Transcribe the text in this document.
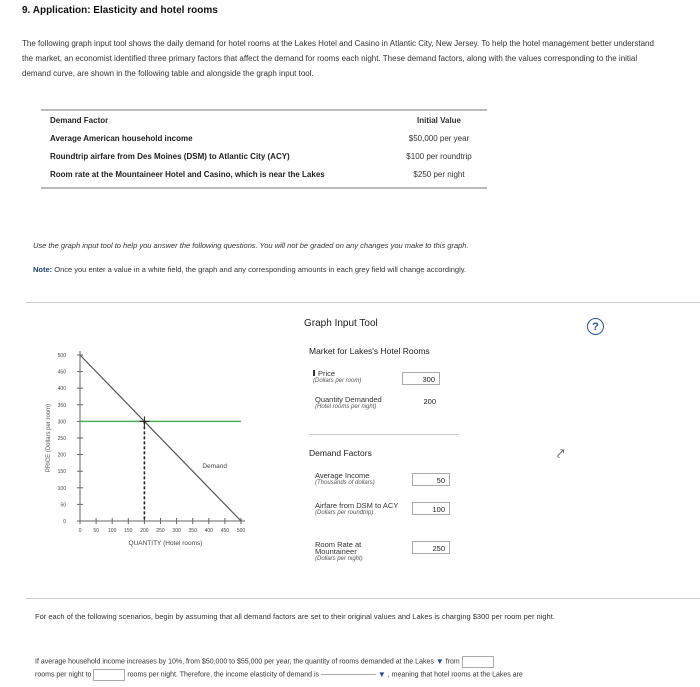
9. Application: Elasticity and hotel rooms
The following graph input tool shows the daily demand for hotel rooms at the Lakes Hotel and Casino in Atlantic City, New Jersey. To help the hotel management better understand the market, an economist identified three primary factors that affect the demand for rooms each night. These demand factors, along with the values corresponding to the initial demand curve, are shown in the following table and alongside the graph input tool.
Demand Factor	Initial Value
Average American household income	$50,000 per year
Roundtrip airfare from Des Moines (DSM) to Atlantic City (ACY)	$100 per roundtrip
Room rate at the Mountaineer Hotel and Casino, which is near the Lakes	$250 per night
Use the graph input tool to help you answer the following questions. You will not be graded on any changes you make to this graph.
Note: Once you enter a value in a white field, the graph and any corresponding amounts in each grey field will change accordingly.
Graph Input Tool	?
0
50
100
150
200
250
300
350
400
450
500
0 50 100 150 200 250 300 350 400 450 500
PRICE (Dollars per room)
QUANTITY (Hotel rooms)
Demand
Market for Lakes's Hotel Rooms
Price
(Dollars per room)	300
Quantity Demanded
(Hotel rooms per night)
200
Demand Factors
Average Income
(Thousands of dollars)	50
Airfare from DSM to ACY
(Dollars per roundtrip)	100
Room Rate at Mountaineer
(Dollars per night)
250
⤤
For each of the following scenarios, begin by assuming that all demand factors are set to their original values and Lakes is charging $300 per room per night.
If average household income increases by 10%, from $50,000 to $55,000 per year, the quantity of rooms demanded at the Lakes ▼ from
rooms per night to	rooms per night. Therefore, the income elasticity of demand is	▼ , meaning that hotel rooms at the Lakes are
